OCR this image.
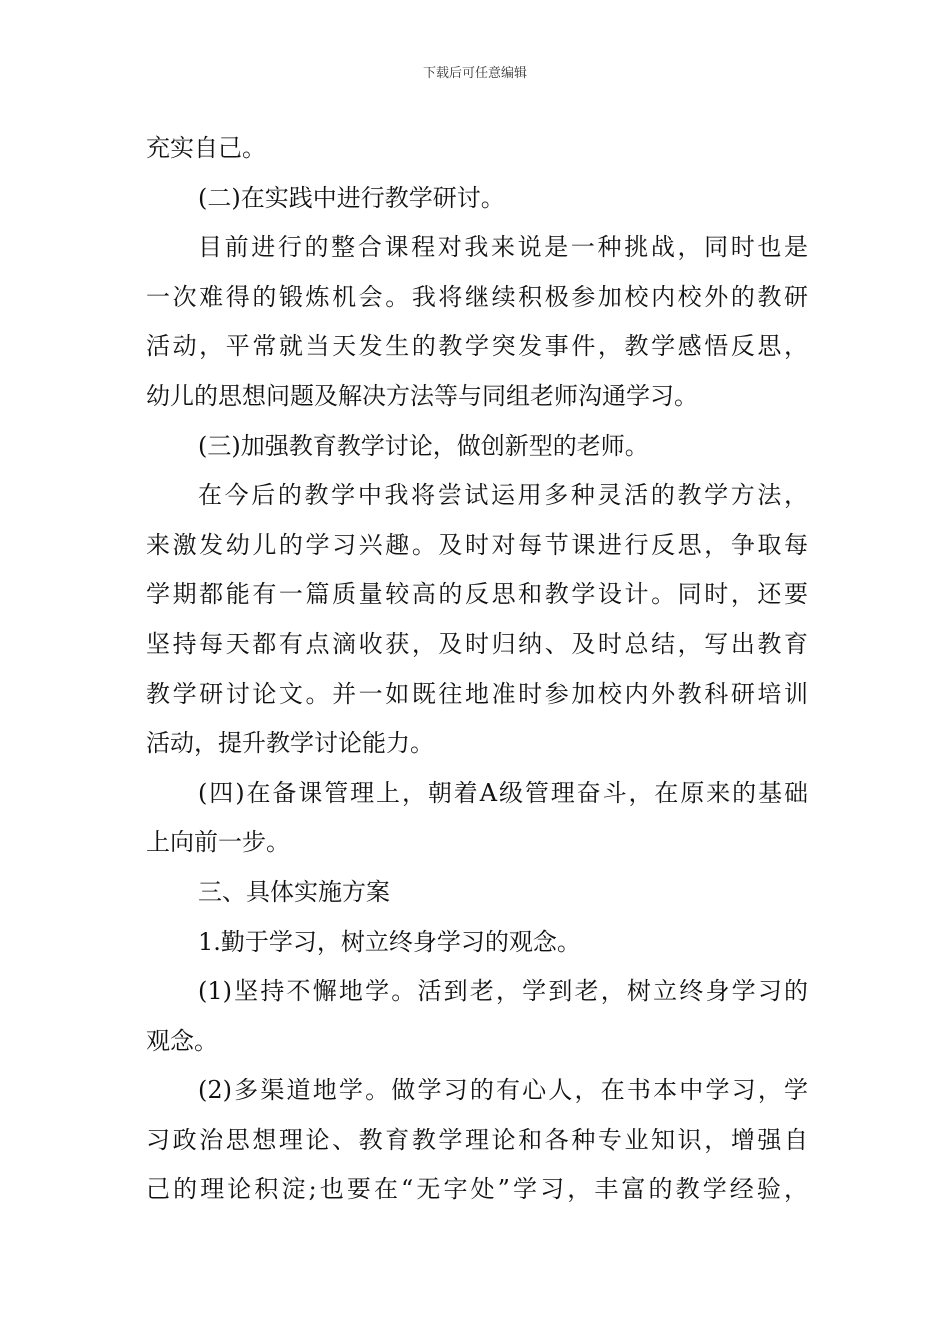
下载后可任意编辑
充实自己。
(二)在实践中进行教学研讨。
目前进行的整合课程对我来说是一种挑战，同时也是
一次难得的锻炼机会。我将继续积极参加校内校外的教研
活动，平常就当天发生的教学突发事件，教学感悟反思，
幼儿的思想问题及解决方法等与同组老师沟通学习。
(三)加强教育教学讨论，做创新型的老师。
在今后的教学中我将尝试运用多种灵活的教学方法，
来激发幼儿的学习兴趣。及时对每节课进行反思，争取每
学期都能有一篇质量较高的反思和教学设计。同时，还要
坚持每天都有点滴收获，及时归纳、及时总结，写出教育
教学研讨论文。并一如既往地准时参加校内外教科研培训
活动，提升教学讨论能力。
(四)在备课管理上，朝着A级管理奋斗，在原来的基础
上向前一步。
三、具体实施方案
1.勤于学习，树立终身学习的观念。
(1)坚持不懈地学。活到老，学到老，树立终身学习的
观念。
(2)多渠道地学。做学习的有心人，在书本中学习，学
习政治思想理论、教育教学理论和各种专业知识，增强自
己的理论积淀;也要在“无字处”学习，丰富的教学经验，
